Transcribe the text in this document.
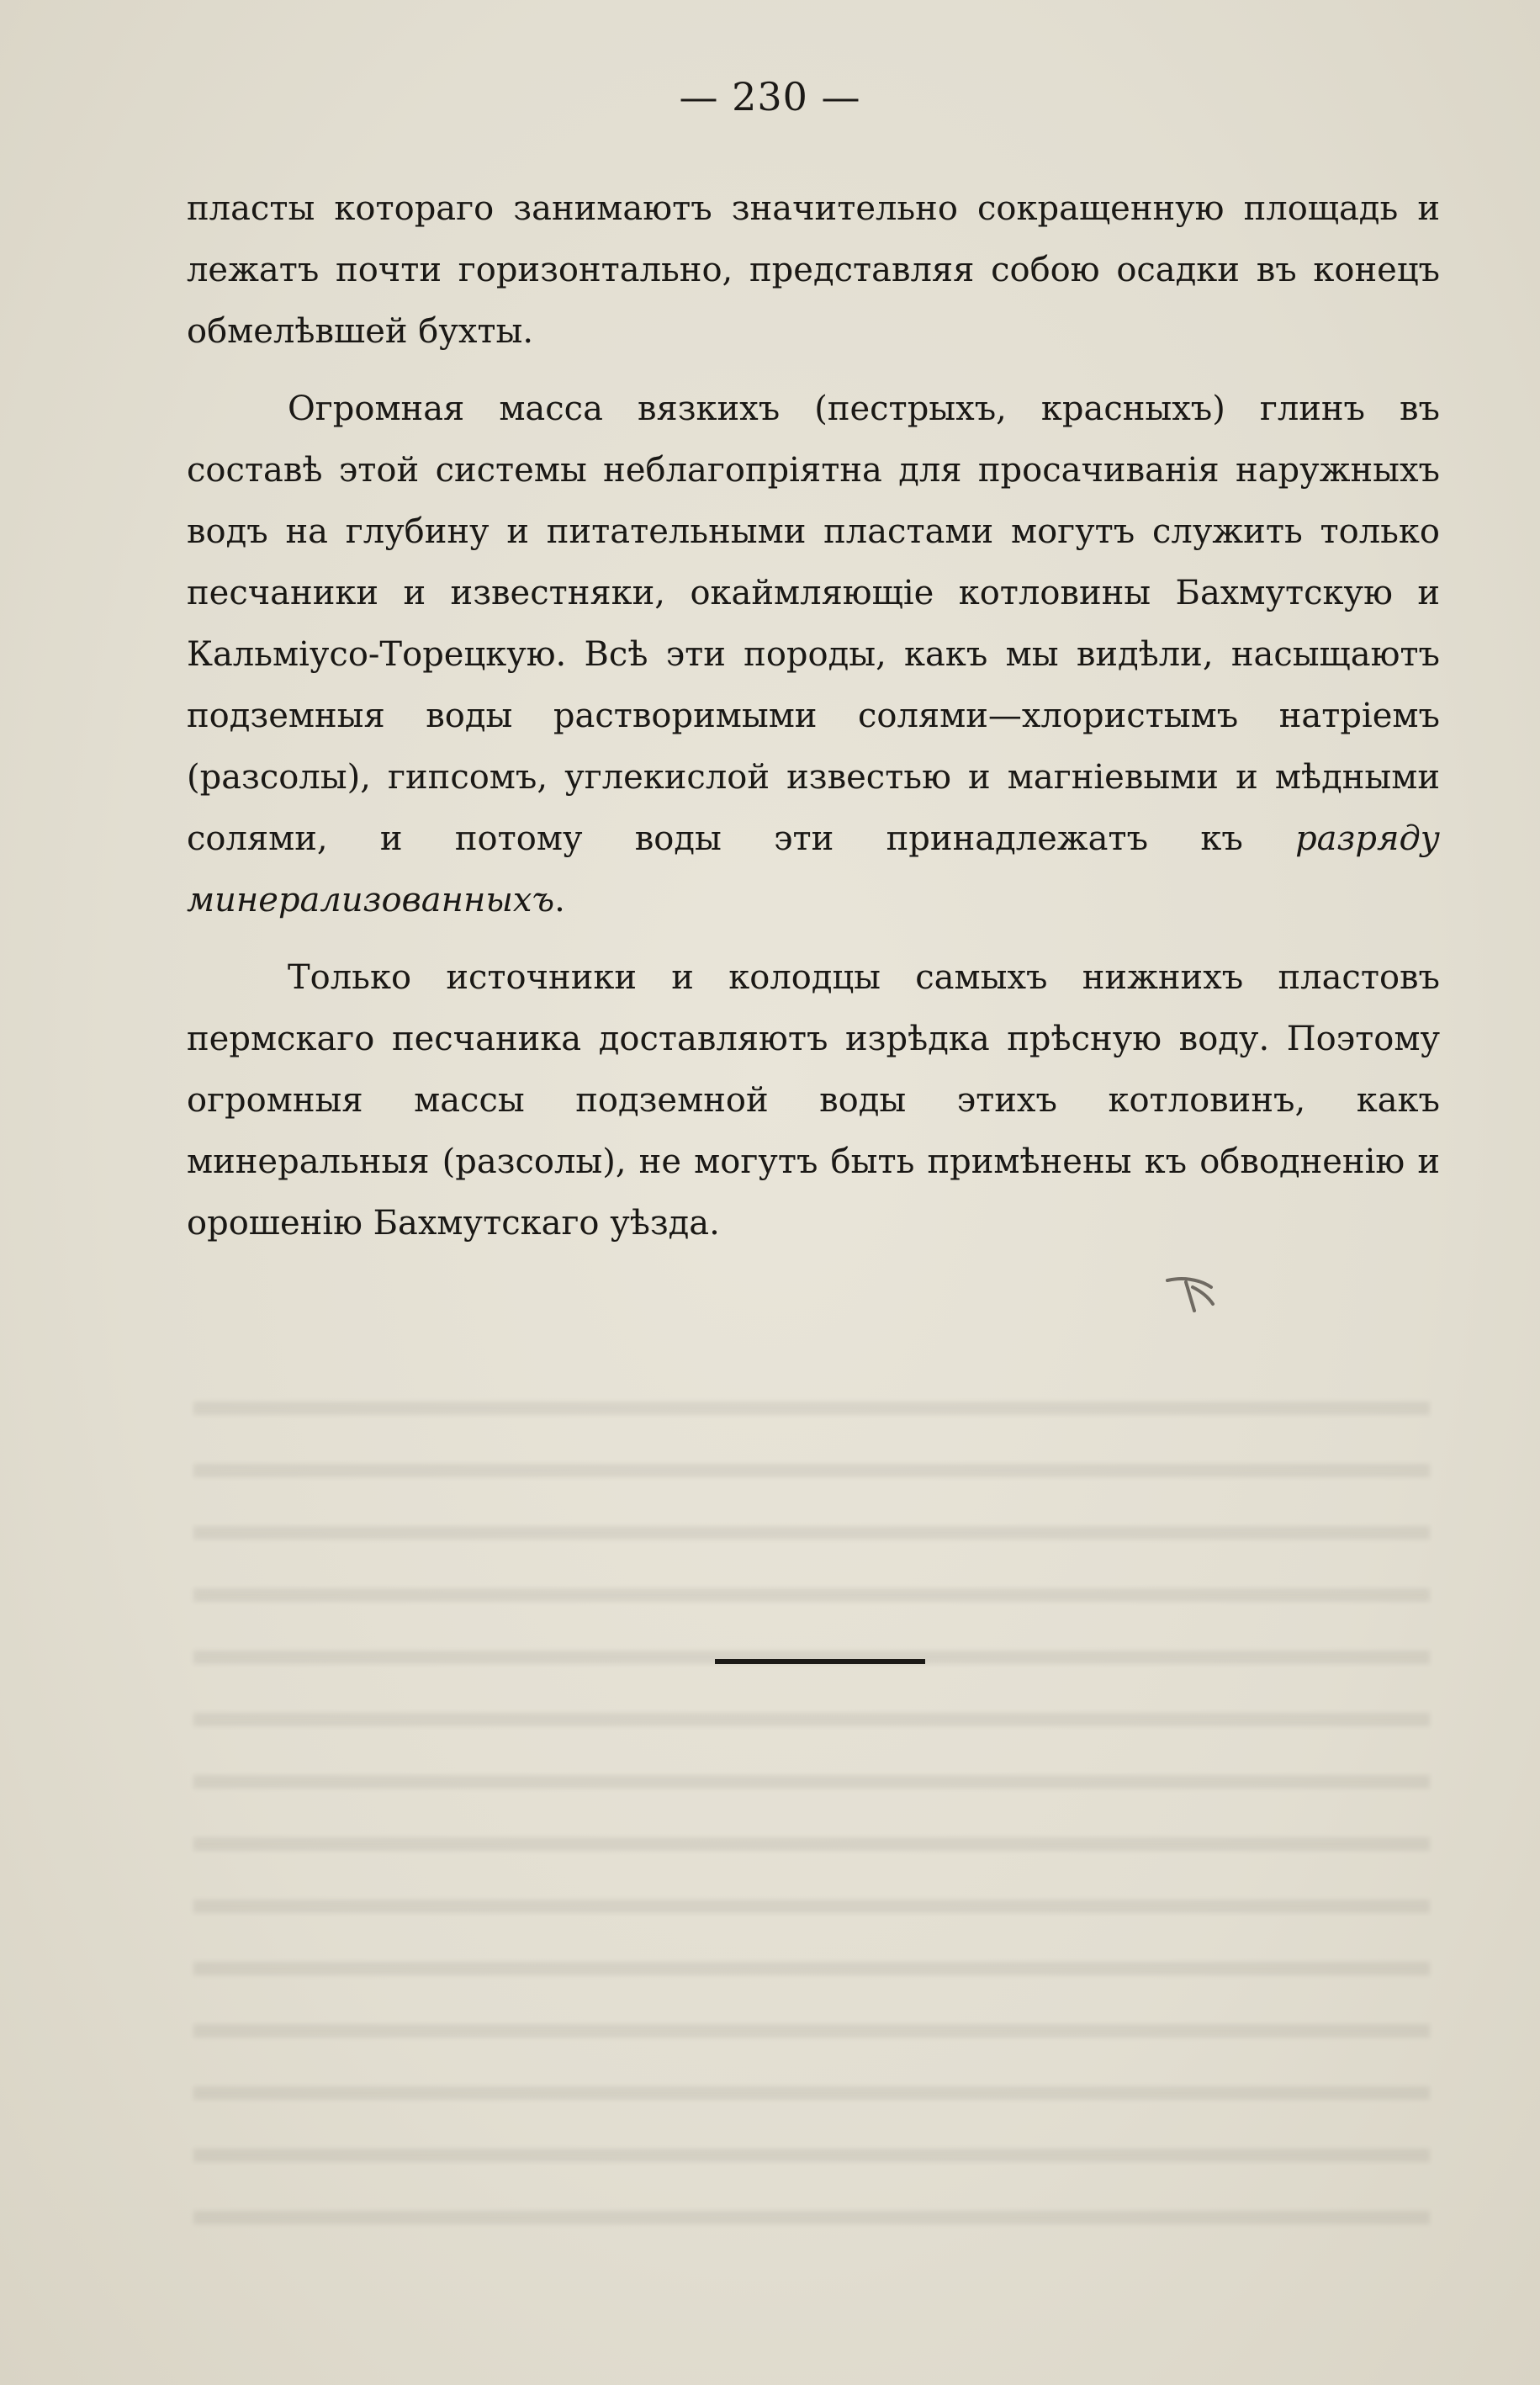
— 230 —

пласты котораго занимаютъ значительно сокращенную площадь и лежатъ почти горизонтально, представляя собою осадки въ конецъ обмелѣвшей бухты.

Огромная масса вязкихъ (пестрыхъ, красныхъ) глинъ въ составѣ этой системы неблагопріятна для просачиванія наружныхъ водъ на глубину и питательными пластами могутъ служить только песчаники и известняки, окаймляющіе котловины Бахмутскую и Кальміусо-Торецкую. Всѣ эти породы, какъ мы видѣли, насыщаютъ подземныя воды растворимыми солями—хлористымъ натріемъ (разсолы), гипсомъ, углекислой известью и магніевыми и мѣдными солями, и потому воды эти принадлежатъ къ разряду минерализованныхъ.

Только источники и колодцы самыхъ нижнихъ пластовъ пермскаго песчаника доставляютъ изрѣдка прѣсную воду. Поэтому огромныя массы подземной воды этихъ котловинъ, какъ минеральныя (разсолы), не могутъ быть примѣнены къ обводненію и орошенію Бахмутскаго уѣзда.
